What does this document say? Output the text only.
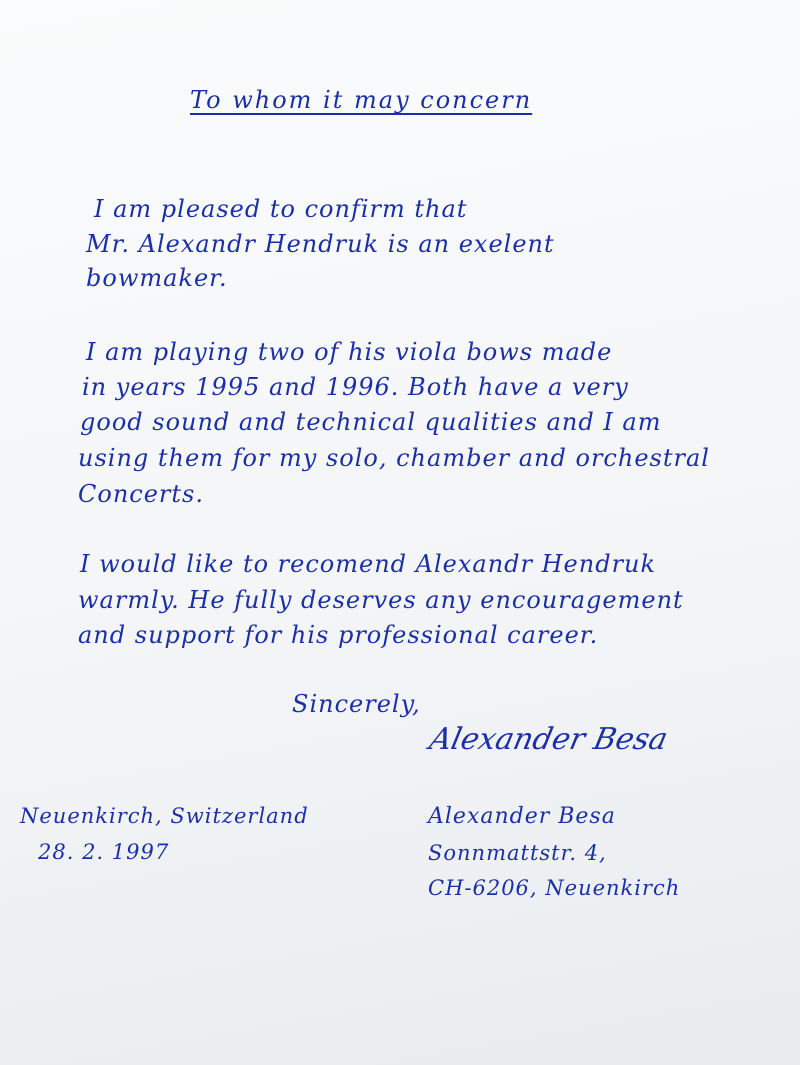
To whom it may concern

I am pleased to confirm that

Mr. Alexandr Hendruk is an exelent

bowmaker.

I am playing two of his viola bows made

in years 1995 and 1996. Both have a very

good sound and technical qualities and I am

using them for my solo, chamber and orchestral

Concerts.

I would like to recomend Alexandr Hendruk

warmly. He fully deserves any encouragement

and support for his professional career.

Sincerely,

Alexander Besa

Neuenkirch, Switzerland

28. 2. 1997

Alexander Besa

Sonnmattstr. 4,

CH-6206, Neuenkirch
